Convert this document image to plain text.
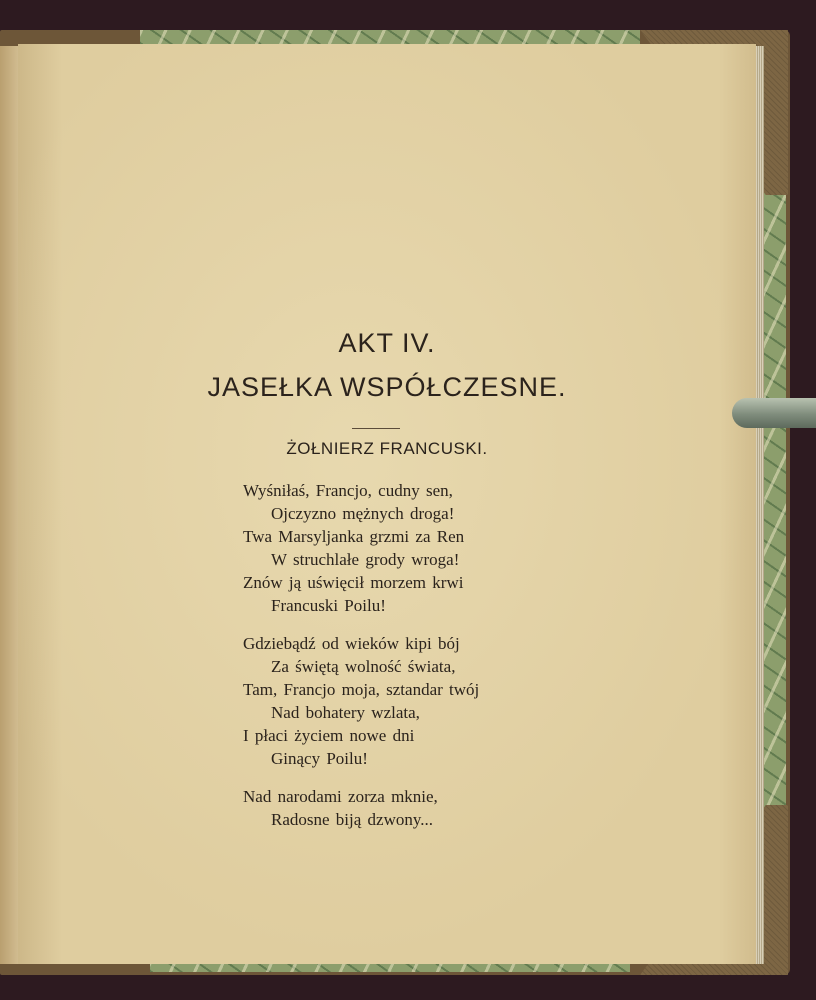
AKT IV.
JASEŁKA WSPÓŁCZESNE.
ŻOŁNIERZ FRANCUSKI.
Wyśniłaś, Francjo, cudny sen,
Ojczyzno mężnych droga!
Twa Marsyljanka grzmi za Ren
W struchlałe grody wroga!
Znów ją uświęcił morzem krwi
Francuski Poilu!
Gdziebądź od wieków kipi bój
Za świętą wolność świata,
Tam, Francjo moja, sztandar twój
Nad bohatery wzlata,
I płaci życiem nowe dni
Ginący Poilu!
Nad narodami zorza mknie,
Radosne biją dzwony...
